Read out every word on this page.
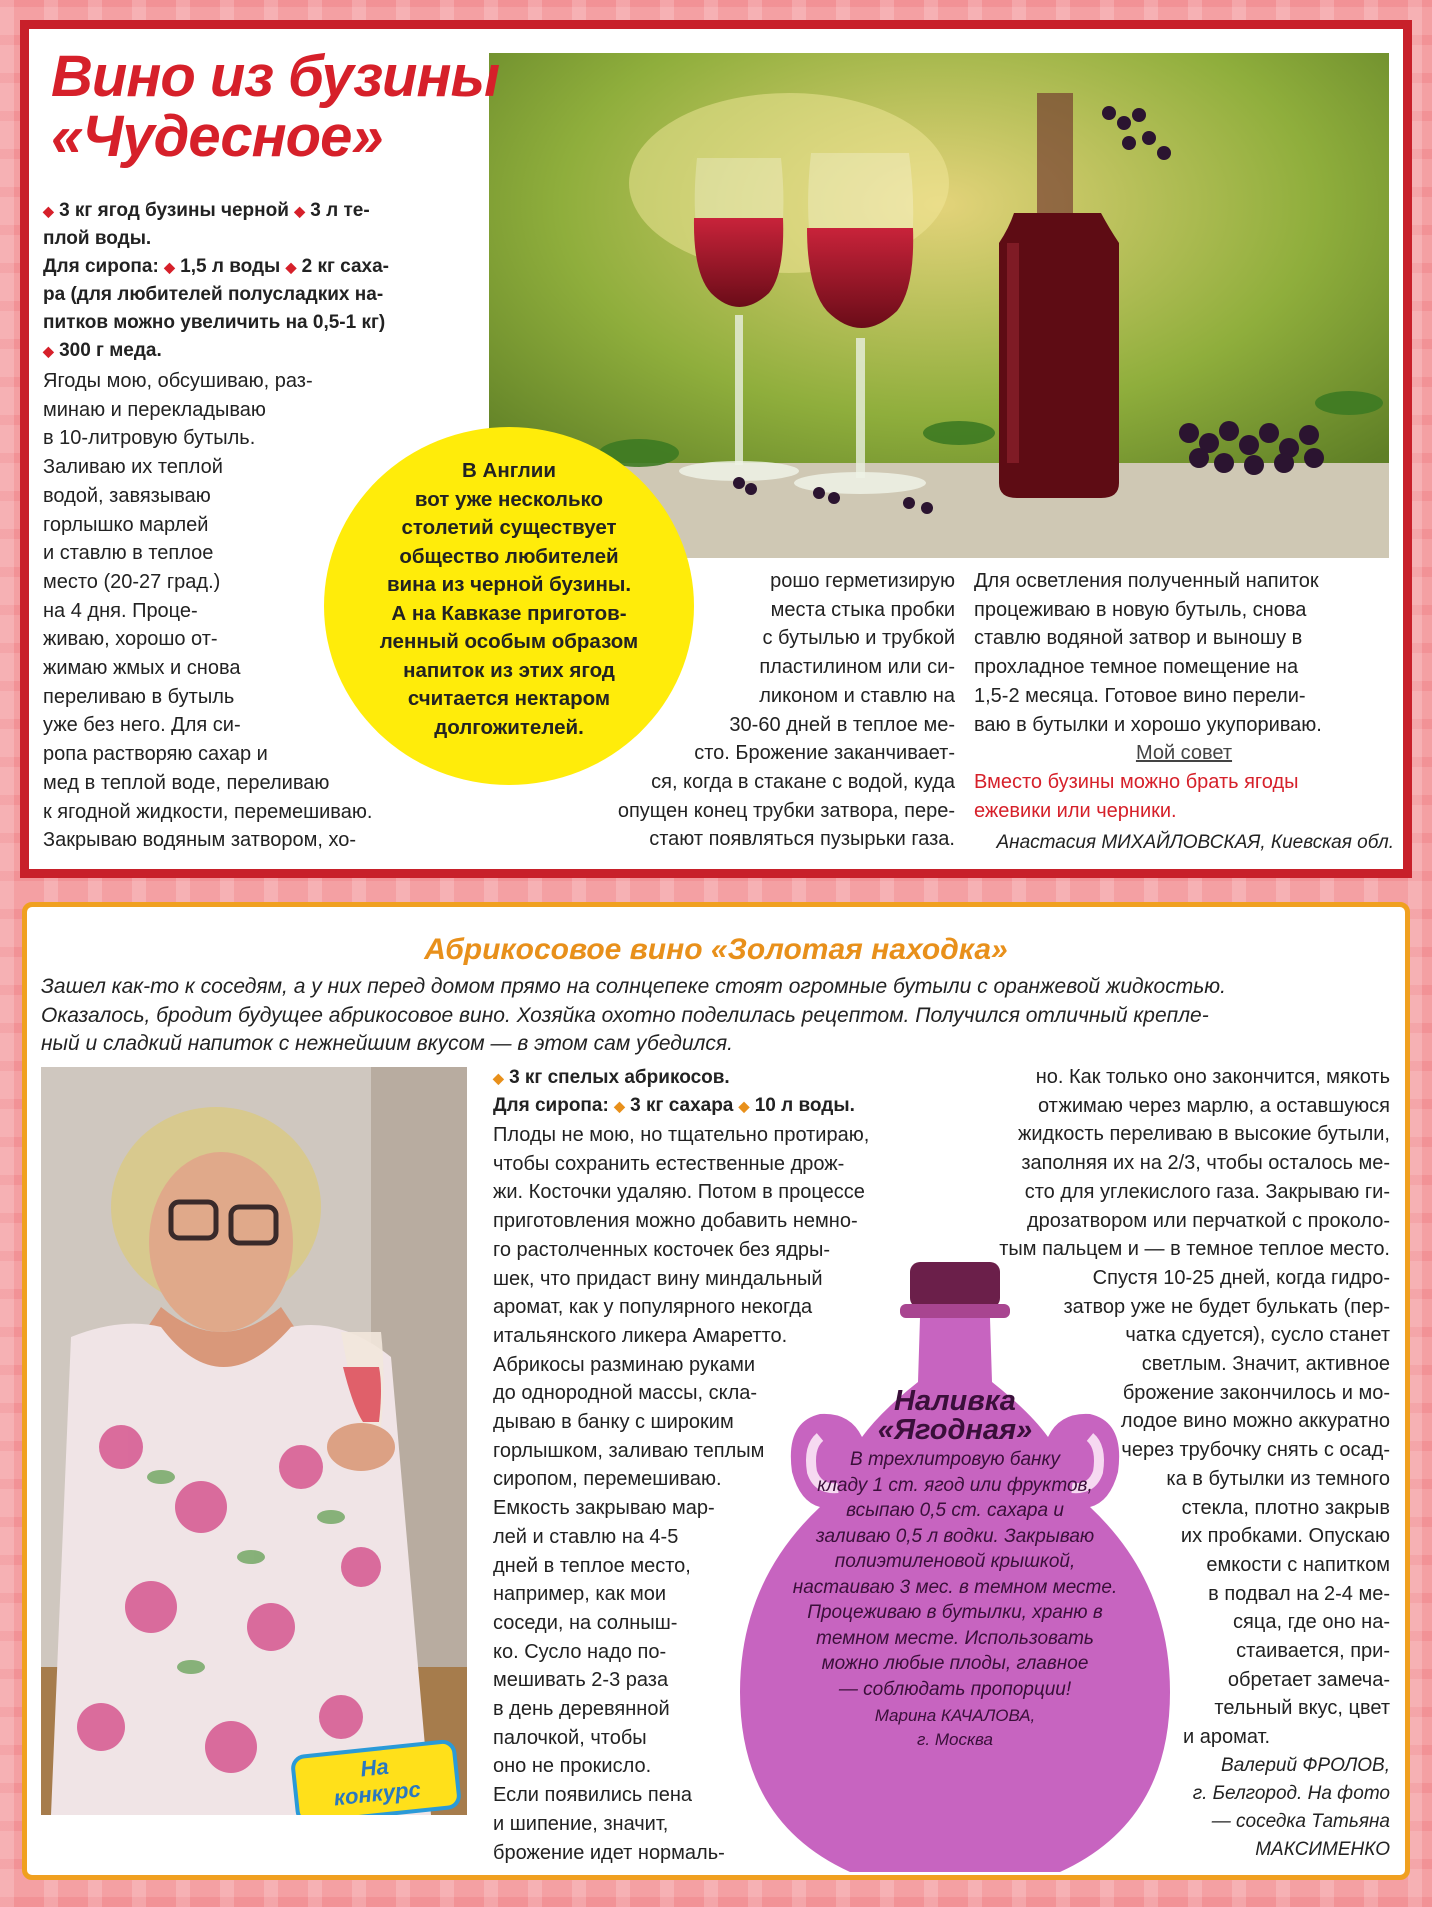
Вино из бузины
«Чудесное»
◆ 3 кг ягод бузины черной ◆ 3 л те-
плой воды.
Для сиропа: ◆ 1,5 л воды ◆ 2 кг саха-
ра (для любителей полусладких на-
питков можно увеличить на 0,5-1 кг)
◆ 300 г меда.
Ягоды мою, обсушиваю, раз-
минаю и перекладываю
в 10-литровую бутыль.
Заливаю их теплой
водой, завязываю
горлышко марлей
и ставлю в теплое
место (20-27 град.)
на 4 дня. Проце-
живаю, хорошо от-
жимаю жмых и снова
переливаю в бутыль
уже без него. Для си-
ропа растворяю сахар и
мед в теплой воде, переливаю
к ягодной жидкости, перемешиваю.
Закрываю водяным затвором, хо-

В Англии

вот уже несколько

столетий существует

общество любителей

вина из черной бузины.

А на Кавказе приготов-

ленный особым образом

напиток из этих ягод

считается нектаром

долгожителей.

рошо герметизирую
места стыка пробки
с бутылью и трубкой
пластилином или си-
ликоном и ставлю на
30-60 дней в теплое ме-
сто. Брожение заканчивает-
ся, когда в стакане с водой, куда
опущен конец трубки затвора, пере-
стают появляться пузырьки газа.
Для осветления полученный напиток
процеживаю в новую бутыль, снова
ставлю водяной затвор и выношу в
прохладное темное помещение на
1,5-2 месяца. Готовое вино перели-
ваю в бутылки и хорошо укупориваю.
Мой совет
Вместо бузины можно брать ягоды
ежевики или черники.
Анастасия МИХАЙЛОВСКАЯ, Киевская обл.
Абрикосовое вино «Золотая находка»
Зашел как-то к соседям, а у них перед домом прямо на солнцепеке стоят огромные бутыли с оранжевой жидкостью.
Оказалось, бродит будущее абрикосовое вино. Хозяйка охотно поделилась рецептом. Получился отличный крепле-
ный и сладкий напиток с нежнейшим вкусом — в этом сам убедился.
На
конкурс
◆ 3 кг спелых абрикосов.
Для сиропа: ◆ 3 кг сахара ◆ 10 л воды.
Плоды не мою, но тщательно протираю,
чтобы сохранить естественные дрож-
жи. Косточки удаляю. Потом в процессе
приготовления можно добавить немно-
го растолченных косточек без ядры-
шек, что придаст вину миндальный
аромат, как у популярного некогда
итальянского ликера Амаретто.
Абрикосы разминаю руками
до однородной массы, скла-
дываю в банку с широким
горлышком, заливаю теплым
сиропом, перемешиваю.
Емкость закрываю мар-
лей и ставлю на 4-5
дней в теплое место,
например, как мои
соседи, на солныш-
ко. Сусло надо по-
мешивать 2-3 раза
в день деревянной
палочкой, чтобы
оно не прокисло.
Если появились пена
и шипение, значит,
брожение идет нормаль-
но. Как только оно закончится, мякоть
отжимаю через марлю, а оставшуюся
жидкость переливаю в высокие бутыли,
заполняя их на 2/3, чтобы осталось ме-
сто для углекислого газа. Закрываю ги-
дрозатвором или перчаткой с проколо-
тым пальцем и — в темное теплое место.
Спустя 10-25 дней, когда гидро-
затвор уже не будет булькать (пер-
чатка сдуется), сусло станет
светлым. Значит, активное
брожение закончилось и мо-
лодое вино можно аккуратно
через трубочку снять с осад-
ка в бутылки из темного
стекла, плотно закрыв
их пробками. Опускаю
емкости с напитком
в подвал на 2-4 ме-
сяца, где оно на-
стаивается, при-
обретает замеча-
тельный вкус, цвет
и аромат.
Валерий ФРОЛОВ,
г. Белгород. На фото
— соседка Татьяна
МАКСИМЕНКО
Наливка
«Ягодная»
В трехлитровую банку
кладу 1 ст. ягод или фруктов,
всыпаю 0,5 ст. сахара и
заливаю 0,5 л водки. Закрываю
полиэтиленовой крышкой,
настаиваю 3 мес. в темном месте.
Процеживаю в бутылки, храню в
темном месте. Использовать
можно любые плоды, главное
— соблюдать пропорции!
Марина КАЧАЛОВА,
г. Москва
